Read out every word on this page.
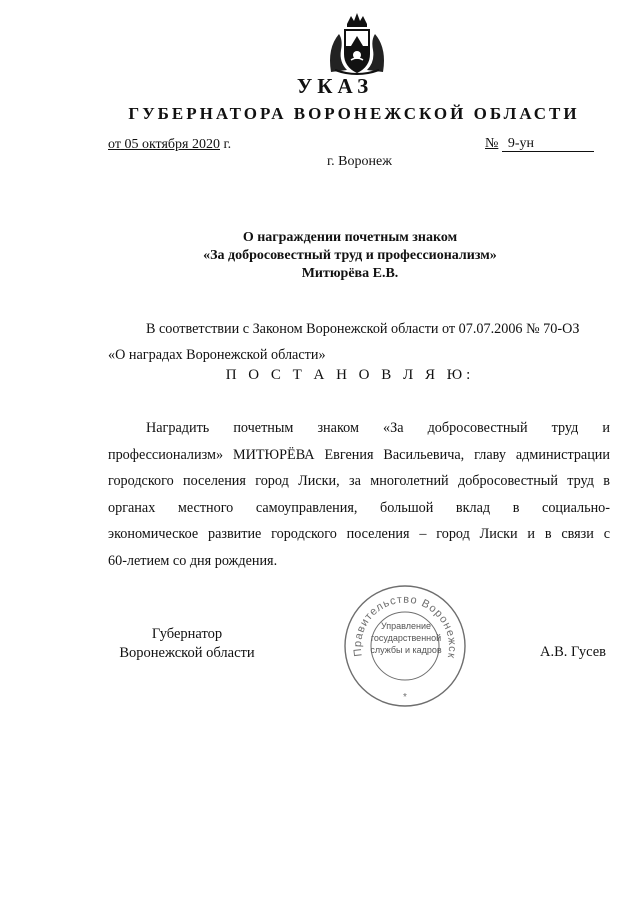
УКАЗ
ГУБЕРНАТОРА ВОРОНЕЖСКОЙ ОБЛАСТИ
от 05 октября 2020 г.	№ 9-ун
г. Воронеж
О награждении почетным знаком
«За добросовестный труд и профессионализм»
Митюрёва Е.В.
В соответствии с Законом Воронежской области от 07.07.2006 № 70-ОЗ
«О наградах Воронежской области»
П О С Т А Н О В Л Я Ю:
Наградить почетным знаком «За добросовестный труд и
профессионализм» МИТЮРЁВА Евгения Васильевича, главу администрации
городского поселения город Лиски, за многолетний добросовестный труд в
органах местного самоуправления, большой вклад в социально-
экономическое развитие городского поселения – город Лиски и в связи с
60-летием со дня рождения.
Губернатор
Воронежской области	Правительство Воронежск
*
Управление
государственной
службы и кадров	А.В. Гусев
